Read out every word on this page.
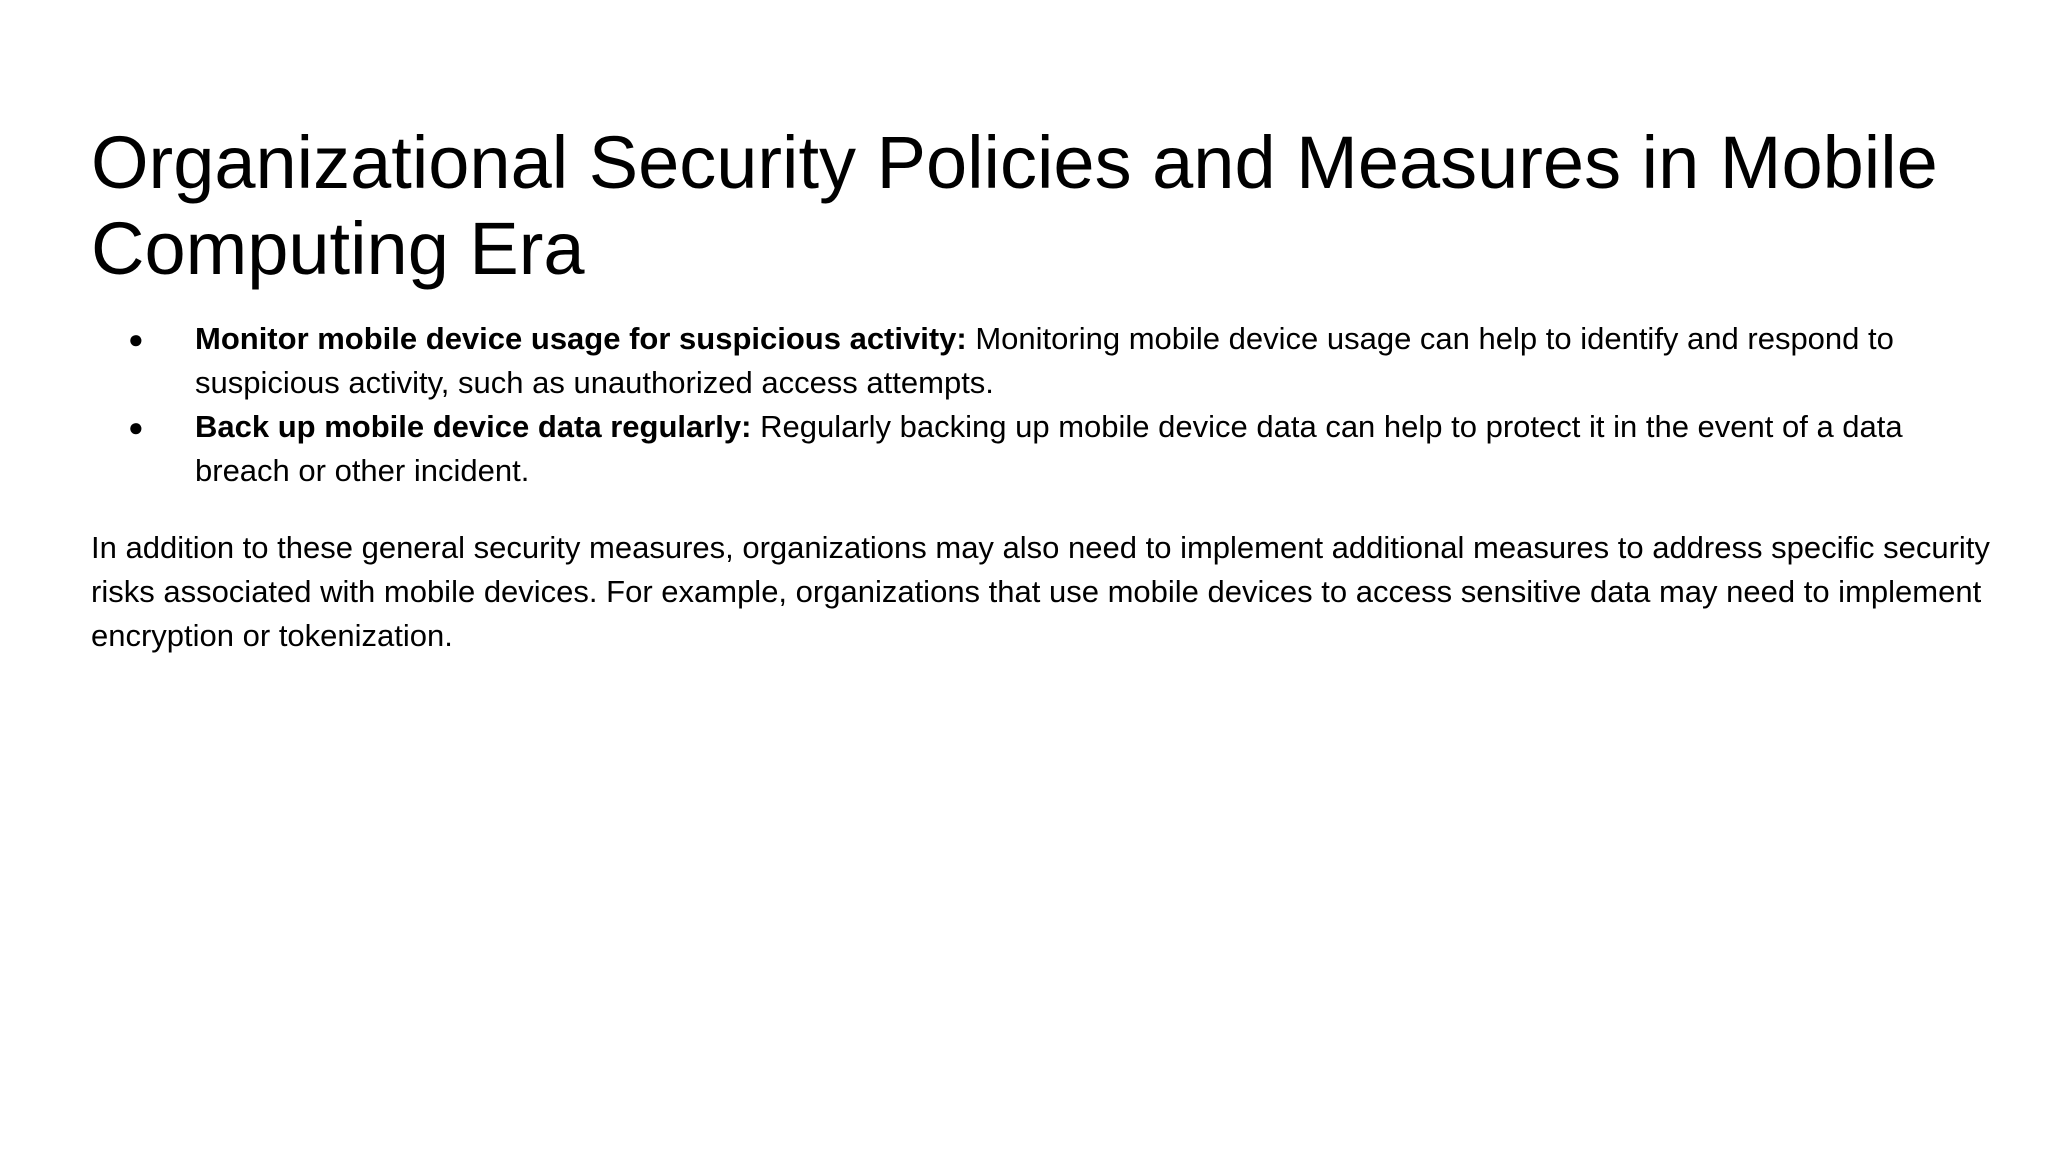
Organizational Security Policies and Measures in Mobile Computing Era
● Monitor mobile device usage for suspicious activity: Monitoring mobile device usage can help to identify and respond to suspicious activity, such as unauthorized access attempts.
● Back up mobile device data regularly: Regularly backing up mobile device data can help to protect it in the event of a data breach or other incident.

In addition to these general security measures, organizations may also need to implement additional measures to address specific security risks associated with mobile devices. For example, organizations that use mobile devices to access sensitive data may need to implement encryption or tokenization.
